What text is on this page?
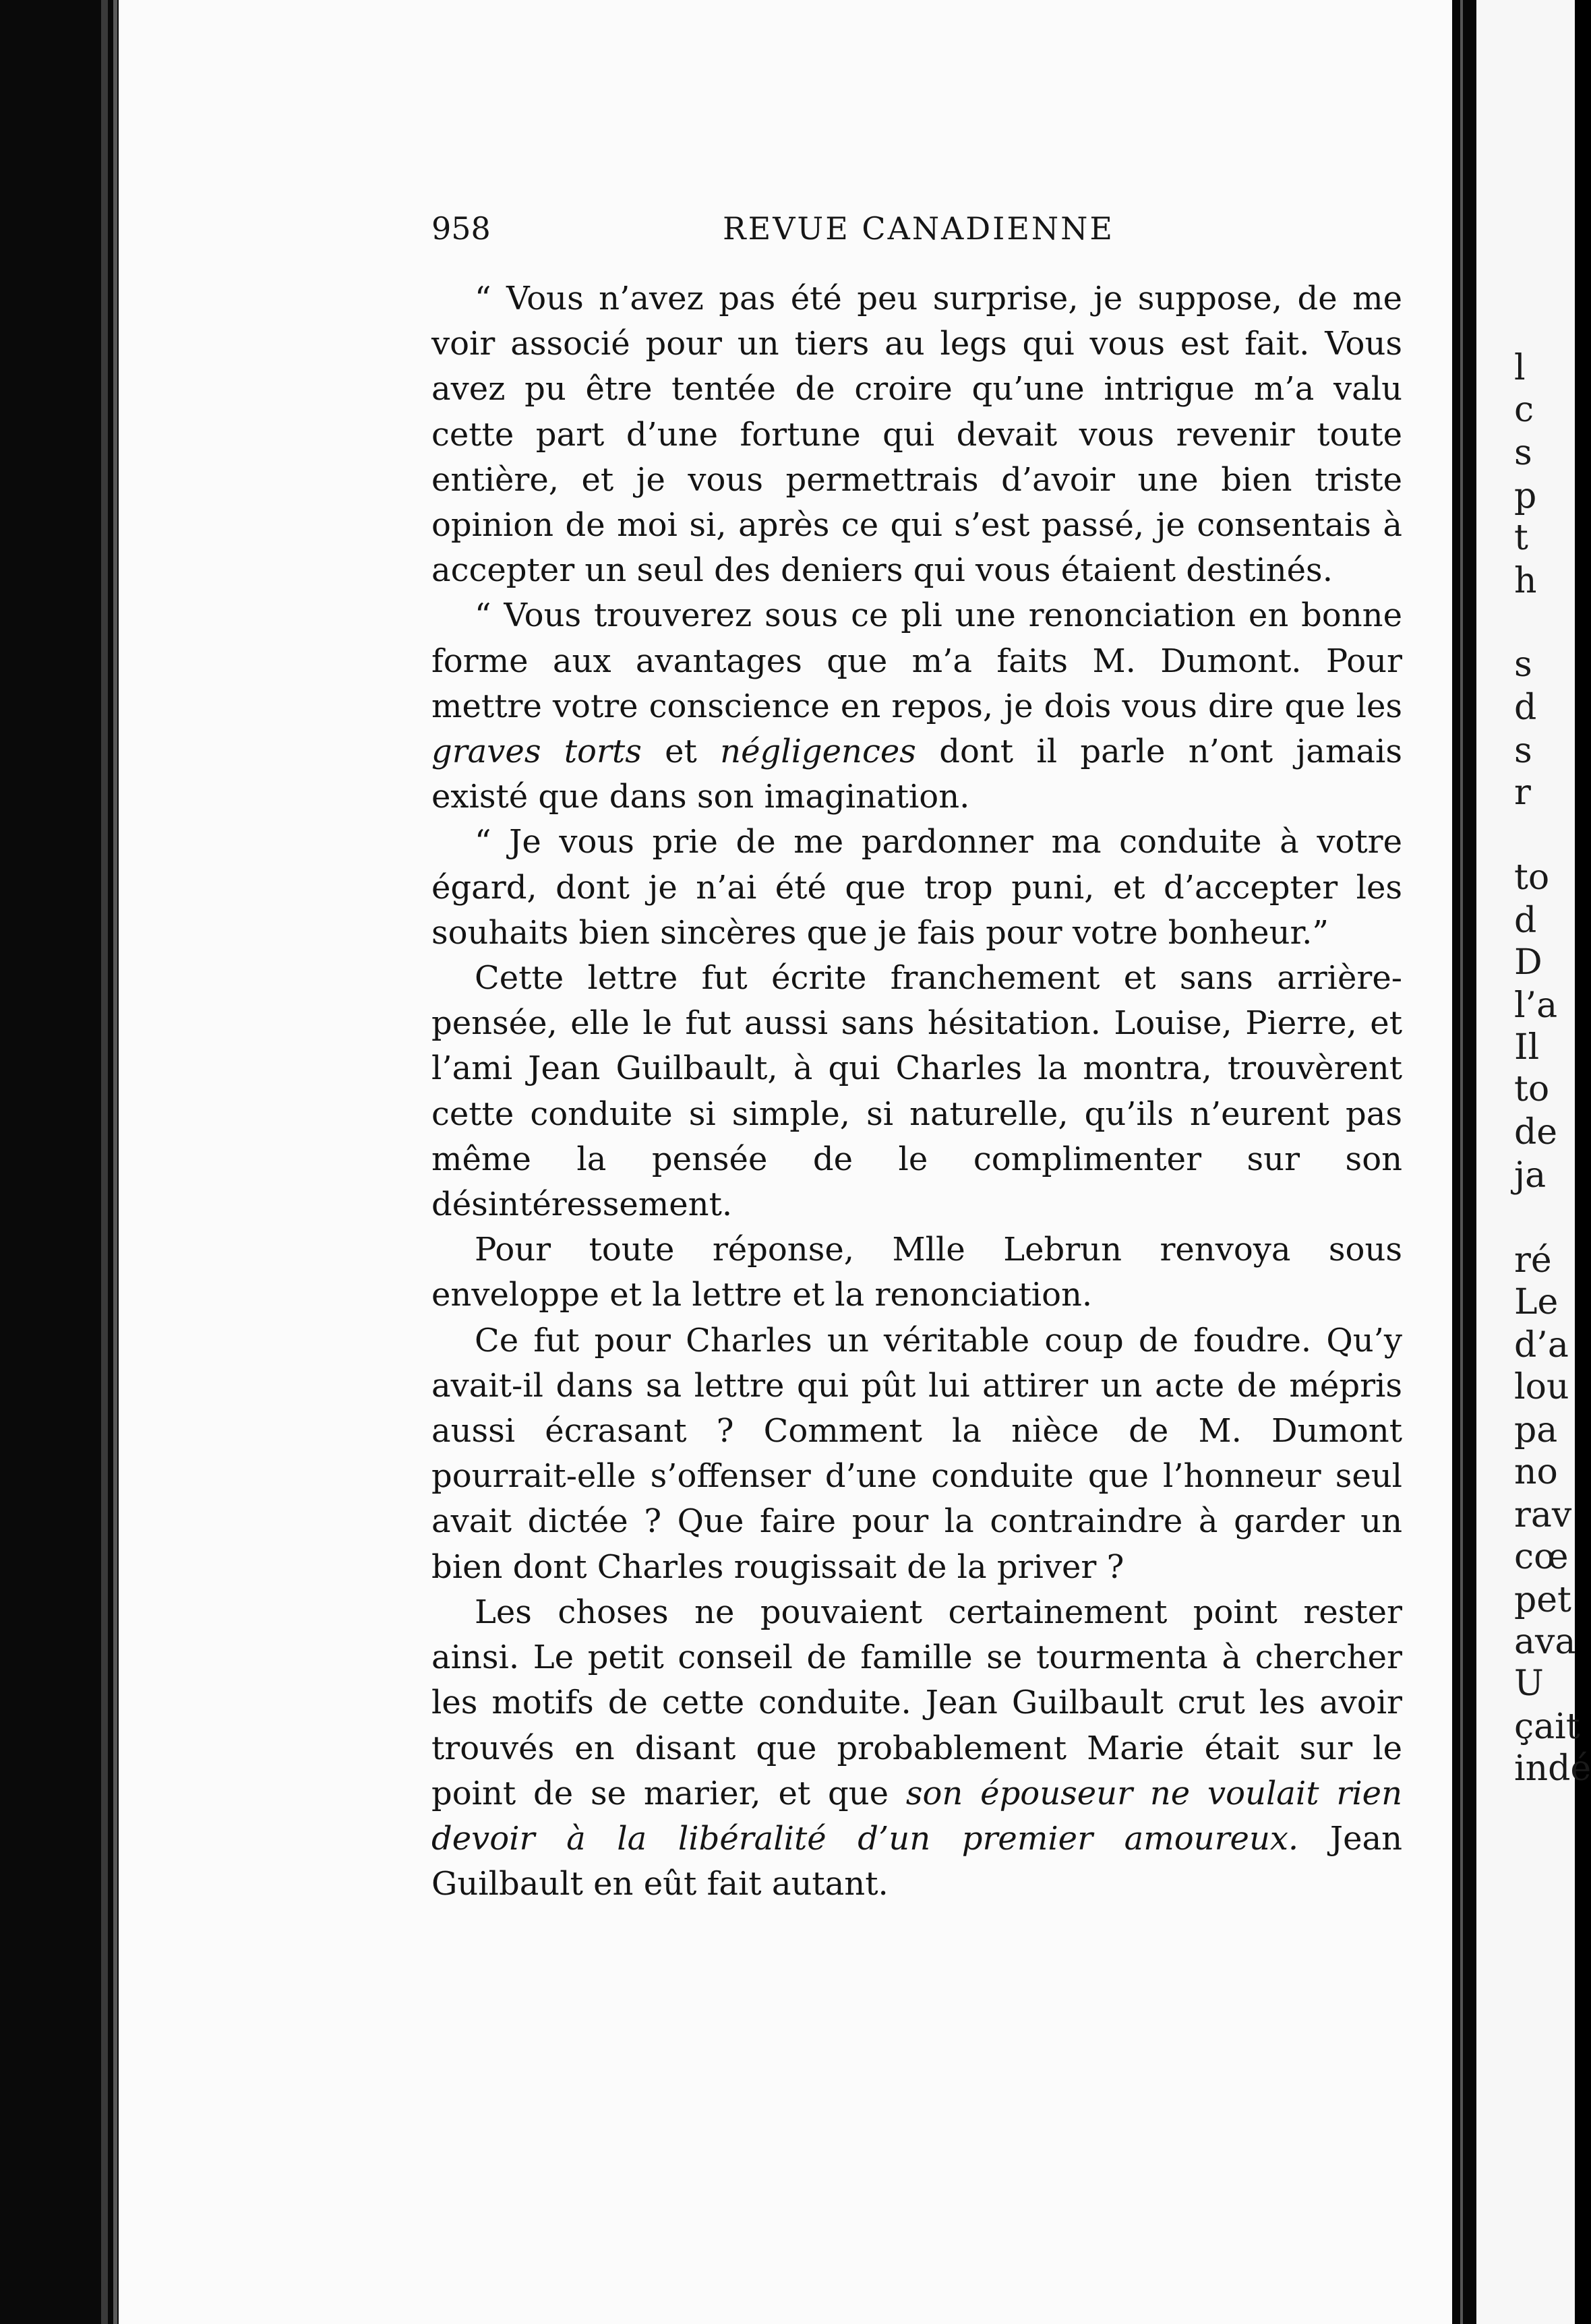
l
c
s
p
t
h
s
d
s
r
to
d
D
l’a
Il
to
de
ja
ré
Le
d’a
lou
pa
no
rav
cœ
pet
ava
U
çait
indé
958	REVUE CANADIENNE

“ Vous n’avez pas été peu surprise, je suppose, de me voir associé pour un tiers au legs qui vous est fait. Vous avez pu être tentée de croire qu’une intrigue m’a valu cette part d’une fortune qui devait vous revenir toute entière, et je vous permettrais d’avoir une bien triste opinion de moi si, après ce qui s’est passé, je consentais à accepter un seul des deniers qui vous étaient destinés.

“ Vous trouverez sous ce pli une renonciation en bonne forme aux avantages que m’a faits M. Dumont. Pour mettre votre conscience en repos, je dois vous dire que les graves torts et négligences dont il parle n’ont jamais existé que dans son imagination.

“ Je vous prie de me pardonner ma conduite à votre égard, dont je n’ai été que trop puni, et d’accepter les souhaits bien sincères que je fais pour votre bonheur.”

Cette lettre fut écrite franchement et sans arrière-pensée, elle le fut aussi sans hésitation. Louise, Pierre, et l’ami Jean Guilbault, à qui Charles la montra, trouvèrent cette conduite si simple, si naturelle, qu’ils n’eurent pas même la pensée de le complimenter sur son désintéressement.

Pour toute réponse, Mlle Lebrun renvoya sous enveloppe et la lettre et la renonciation.

Ce fut pour Charles un véritable coup de foudre. Qu’y avait-il dans sa lettre qui pût lui attirer un acte de mépris aussi écrasant ? Comment la nièce de M. Dumont pourrait-elle s’offenser d’une conduite que l’honneur seul avait dictée ? Que faire pour la contraindre à garder un bien dont Charles rougissait de la priver ?

Les choses ne pouvaient certainement point rester ainsi. Le petit conseil de famille se tourmenta à chercher les motifs de cette conduite. Jean Guilbault crut les avoir trouvés en disant que probablement Marie était sur le point de se marier, et que son épouseur ne voulait rien devoir à la libéralité d’un premier amoureux. Jean Guilbault en eût fait autant.
